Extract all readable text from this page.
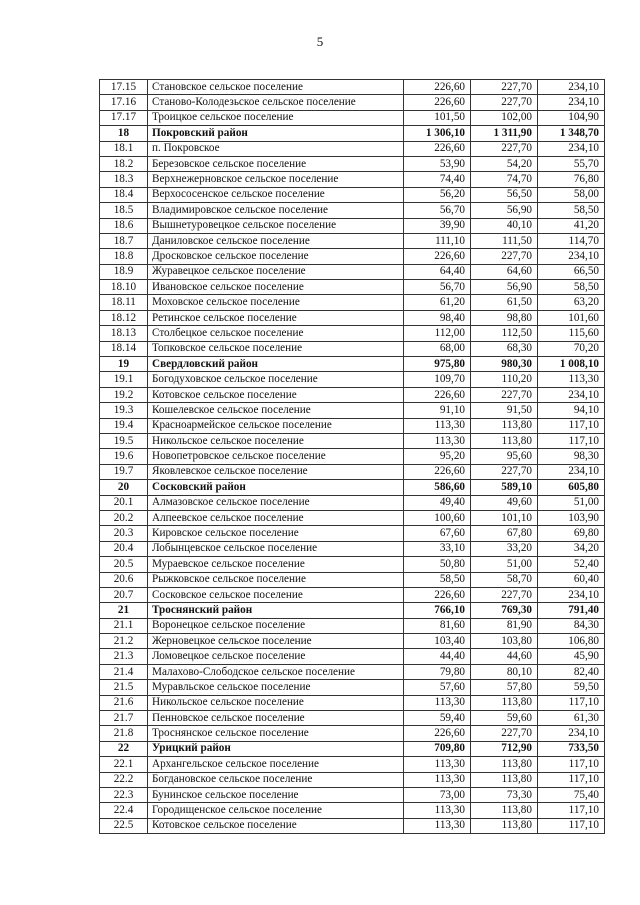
5
17.15	Становское сельское поселение	226,60	227,70	234,10
17.16	Станово-Колодезьское сельское поселение	226,60	227,70	234,10
17.17	Троицкое сельское поселение	101,50	102,00	104,90
18	Покровский район	1 306,10	1 311,90	1 348,70
18.1	п. Покровское	226,60	227,70	234,10
18.2	Березовское сельское поселение	53,90	54,20	55,70
18.3	Верхнежерновское сельское поселение	74,40	74,70	76,80
18.4	Верхососенское сельское поселение	56,20	56,50	58,00
18.5	Владимировское сельское поселение	56,70	56,90	58,50
18.6	Вышнетуровецкое сельское поселение	39,90	40,10	41,20
18.7	Даниловское сельское поселение	111,10	111,50	114,70
18.8	Дросковское сельское поселение	226,60	227,70	234,10
18.9	Журавецкое сельское поселение	64,40	64,60	66,50
18.10	Ивановское сельское поселение	56,70	56,90	58,50
18.11	Моховское сельское поселение	61,20	61,50	63,20
18.12	Ретинское сельское поселение	98,40	98,80	101,60
18.13	Столбецкое сельское поселение	112,00	112,50	115,60
18.14	Топковское сельское поселение	68,00	68,30	70,20
19	Свердловский район	975,80	980,30	1 008,10
19.1	Богодуховское сельское поселение	109,70	110,20	113,30
19.2	Котовское сельское поселение	226,60	227,70	234,10
19.3	Кошелевское сельское поселение	91,10	91,50	94,10
19.4	Красноармейское сельское поселение	113,30	113,80	117,10
19.5	Никольское сельское поселение	113,30	113,80	117,10
19.6	Новопетровское сельское поселение	95,20	95,60	98,30
19.7	Яковлевское сельское поселение	226,60	227,70	234,10
20	Сосковский район	586,60	589,10	605,80
20.1	Алмазовское сельское поселение	49,40	49,60	51,00
20.2	Алпеевское сельское поселение	100,60	101,10	103,90
20.3	Кировское сельское поселение	67,60	67,80	69,80
20.4	Лобынцевское сельское поселение	33,10	33,20	34,20
20.5	Мураевское сельское поселение	50,80	51,00	52,40
20.6	Рыжковское сельское поселение	58,50	58,70	60,40
20.7	Сосковское сельское поселение	226,60	227,70	234,10
21	Троснянский район	766,10	769,30	791,40
21.1	Воронецкое сельское поселение	81,60	81,90	84,30
21.2	Жерновецкое сельское поселение	103,40	103,80	106,80
21.3	Ломовецкое сельское поселение	44,40	44,60	45,90
21.4	Малахово-Слободское сельское поселение	79,80	80,10	82,40
21.5	Муравльское сельское поселение	57,60	57,80	59,50
21.6	Никольское сельское поселение	113,30	113,80	117,10
21.7	Пенновское сельское поселение	59,40	59,60	61,30
21.8	Троснянское сельское поселение	226,60	227,70	234,10
22	Урицкий район	709,80	712,90	733,50
22.1	Архангельское сельское поселение	113,30	113,80	117,10
22.2	Богдановское сельское поселение	113,30	113,80	117,10
22.3	Бунинское сельское поселение	73,00	73,30	75,40
22.4	Городищенское сельское поселение	113,30	113,80	117,10
22.5	Котовское сельское поселение	113,30	113,80	117,10
